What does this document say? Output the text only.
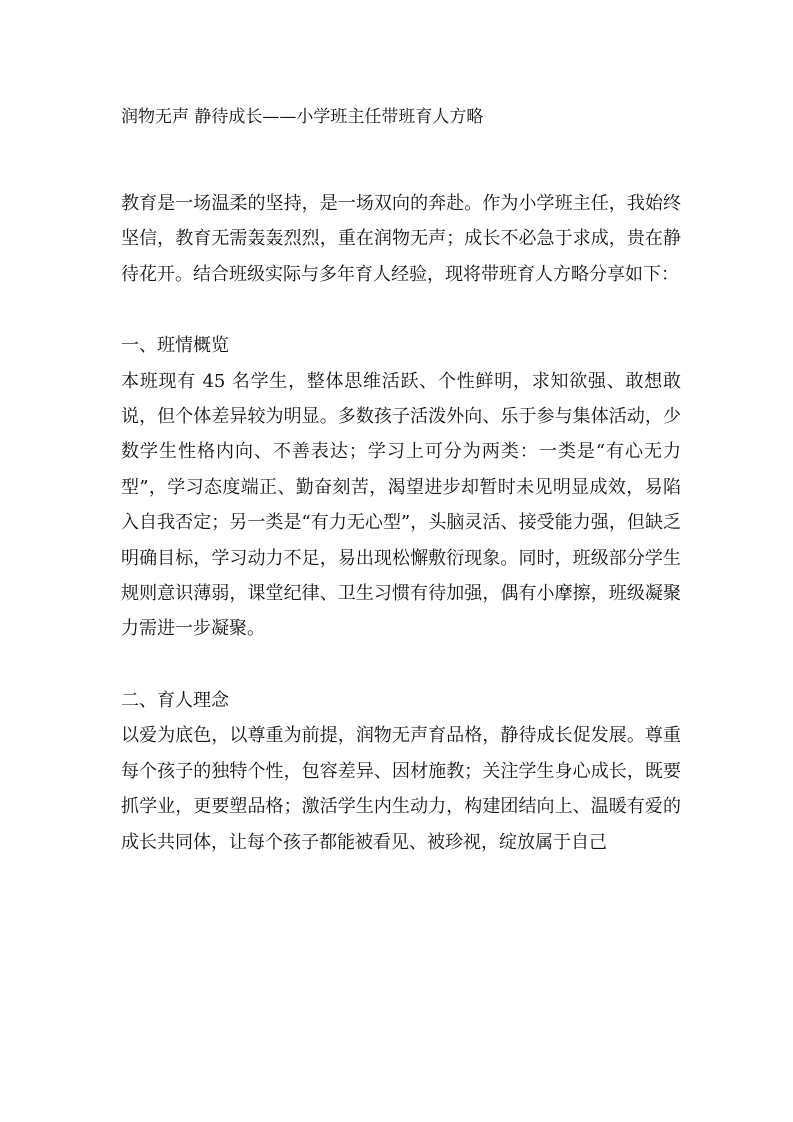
润物无声 静待成长——小学班主任带班育人方略

教育是一场温柔的坚持，是一场双向的奔赴。作为小学班主任，我始终坚信，教育无需轰轰烈烈，重在润物无声；成长不必急于求成，贵在静待花开。结合班级实际与多年育人经验，现将带班育人方略分享如下：

一、班情概览

本班现有 45 名学生，整体思维活跃、个性鲜明，求知欲强、敢想敢说，但个体差异较为明显。多数孩子活泼外向、乐于参与集体活动，少数学生性格内向、不善表达；学习上可分为两类：一类是“有心无力型”，学习态度端正、勤奋刻苦，渴望进步却暂时未见明显成效，易陷入自我否定；另一类是“有力无心型”，头脑灵活、接受能力强，但缺乏明确目标，学习动力不足，易出现松懈敷衍现象。同时，班级部分学生规则意识薄弱，课堂纪律、卫生习惯有待加强，偶有小摩擦，班级凝聚力需进一步凝聚。

二、育人理念

以爱为底色，以尊重为前提，润物无声育品格，静待成长促发展。尊重每个孩子的独特个性，包容差异、因材施教；关注学生身心成长，既要抓学业，更要塑品格；激活学生内生动力，构建团结向上、温暖有爱的成长共同体，让每个孩子都能被看见、被珍视，绽放属于自己
